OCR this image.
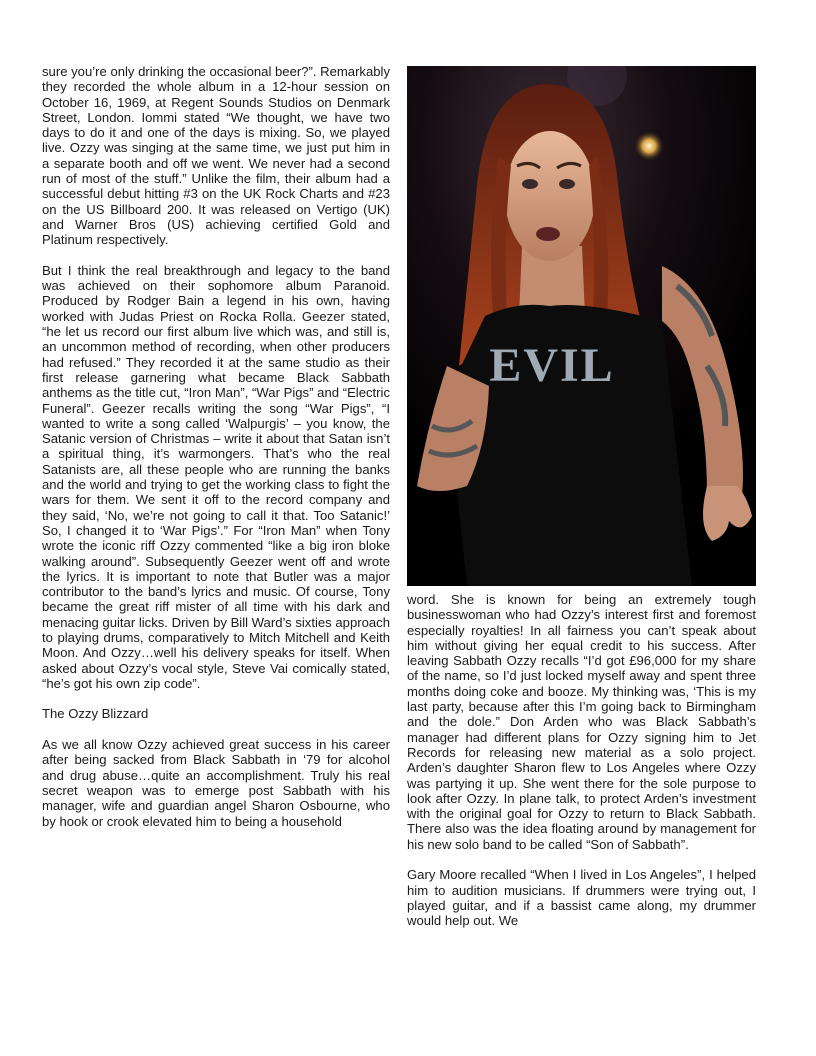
sure you’re only drinking the occasional beer?”. Remarkably they recorded the whole album in a 12-hour session on October 16, 1969, at Regent Sounds Studios on Denmark Street, London. Iommi stated “We thought, we have two days to do it and one of the days is mixing. So, we played live. Ozzy was singing at the same time, we just put him in a separate booth and off we went. We never had a second run of most of the stuff.” Unlike the film, their album had a successful debut hitting #3 on the UK Rock Charts and #23 on the US Billboard 200. It was released on Vertigo (UK) and Warner Bros (US) achieving certified Gold and Platinum respectively.

But I think the real breakthrough and legacy to the band was achieved on their sophomore album Paranoid. Produced by Rodger Bain a legend in his own, having worked with Judas Priest on Rocka Rolla. Geezer stated, “he let us record our first album live which was, and still is, an uncommon method of recording, when other producers had refused.” They recorded it at the same studio as their first release garnering what became Black Sabbath anthems as the title cut, “Iron Man”, “War Pigs” and “Electric Funeral”. Geezer recalls writing the song “War Pigs”, “I wanted to write a song called ‘Walpurgis’ – you know, the Satanic version of Christmas – write it about that Satan isn’t a spiritual thing, it’s warmongers. That’s who the real Satanists are, all these people who are running the banks and the world and trying to get the working class to fight the wars for them. We sent it off to the record company and they said, ‘No, we’re not going to call it that. Too Satanic!’ So, I changed it to ‘War Pigs’.” For “Iron Man” when Tony wrote the iconic riff Ozzy commented “like a big iron bloke walking around”. Subsequently Geezer went off and wrote the lyrics. It is important to note that Butler was a major contributor to the band’s lyrics and music. Of course, Tony became the great riff mister of all time with his dark and menacing guitar licks. Driven by Bill Ward’s sixties approach to playing drums, comparatively to Mitch Mitchell and Keith Moon. And Ozzy…well his delivery speaks for itself. When asked about Ozzy’s vocal style, Steve Vai comically stated, “he’s got his own zip code”.

The Ozzy Blizzard

As we all know Ozzy achieved great success in his career after being sacked from Black Sabbath in ‘79 for alcohol and drug abuse…quite an accomplishment. Truly his real secret weapon was to emerge post Sabbath with his manager, wife and guardian angel Sharon Osbourne, who by hook or crook elevated him to being a household

EVIL

word. She is known for being an extremely tough businesswoman who had Ozzy’s interest first and foremost especially royalties! In all fairness you can’t speak about him without giving her equal credit to his success. After leaving Sabbath Ozzy recalls “I’d got £96,000 for my share of the name, so I’d just locked myself away and spent three months doing coke and booze. My thinking was, ‘This is my last party, because after this I’m going back to Birmingham and the dole.” Don Arden who was Black Sabbath’s manager had different plans for Ozzy signing him to Jet Records for releasing new material as a solo project. Arden’s daughter Sharon flew to Los Angeles where Ozzy was partying it up. She went there for the sole purpose to look after Ozzy. In plane talk, to protect Arden’s investment with the original goal for Ozzy to return to Black Sabbath. There also was the idea floating around by management for his new solo band to be called “Son of Sabbath”.

Gary Moore recalled “When I lived in Los Angeles”, I helped him to audition musicians. If drummers were trying out, I played guitar, and if a bassist came along, my drummer would help out. We
